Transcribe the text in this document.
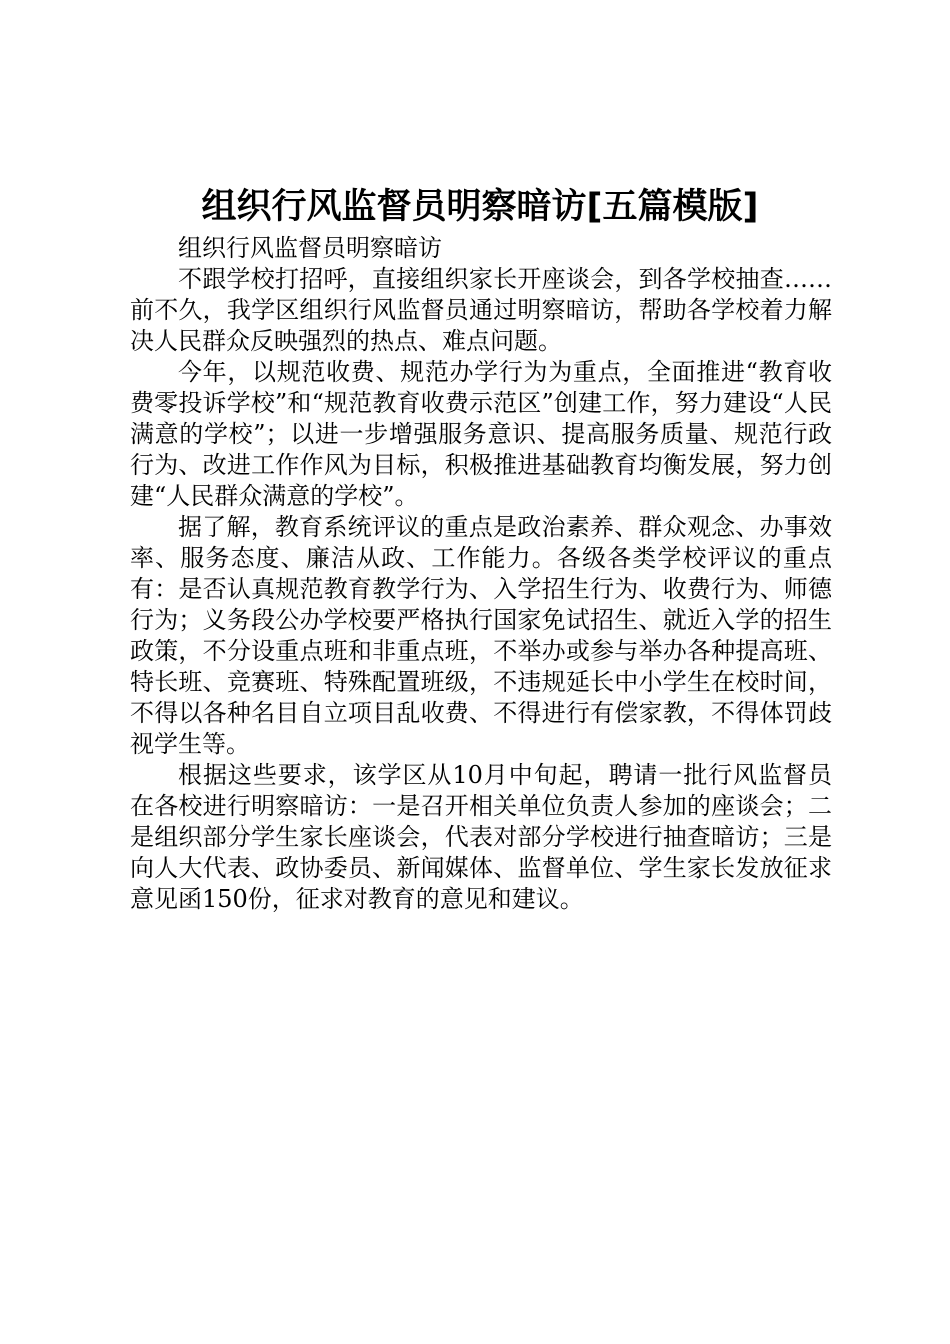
组织行风监督员明察暗访[五篇模版]

组织行风监督员明察暗访

不跟学校打招呼，直接组织家长开座谈会，到各学校抽查……前不久，我学区组织行风监督员通过明察暗访，帮助各学校着力解决人民群众反映强烈的热点、难点问题。

今年，以规范收费、规范办学行为为重点，全面推进“教育收费零投诉学校”和“规范教育收费示范区”创建工作，努力建设“人民满意的学校”；以进一步增强服务意识、提高服务质量、规范行政行为、改进工作作风为目标，积极推进基础教育均衡发展，努力创建“人民群众满意的学校”。

据了解，教育系统评议的重点是政治素养、群众观念、办事效率、服务态度、廉洁从政、工作能力。各级各类学校评议的重点有：是否认真规范教育教学行为、入学招生行为、收费行为、师德行为；义务段公办学校要严格执行国家免试招生、就近入学的招生政策，不分设重点班和非重点班，不举办或参与举办各种提高班、特长班、竞赛班、特殊配置班级，不违规延长中小学生在校时间，不得以各种名目自立项目乱收费、不得进行有偿家教，不得体罚歧视学生等。

根据这些要求，该学区从10月中旬起，聘请一批行风监督员在各校进行明察暗访：一是召开相关单位负责人参加的座谈会；二是组织部分学生家长座谈会，代表对部分学校进行抽查暗访；三是向人大代表、政协委员、新闻媒体、监督单位、学生家长发放征求意见函150份，征求对教育的意见和建议。
